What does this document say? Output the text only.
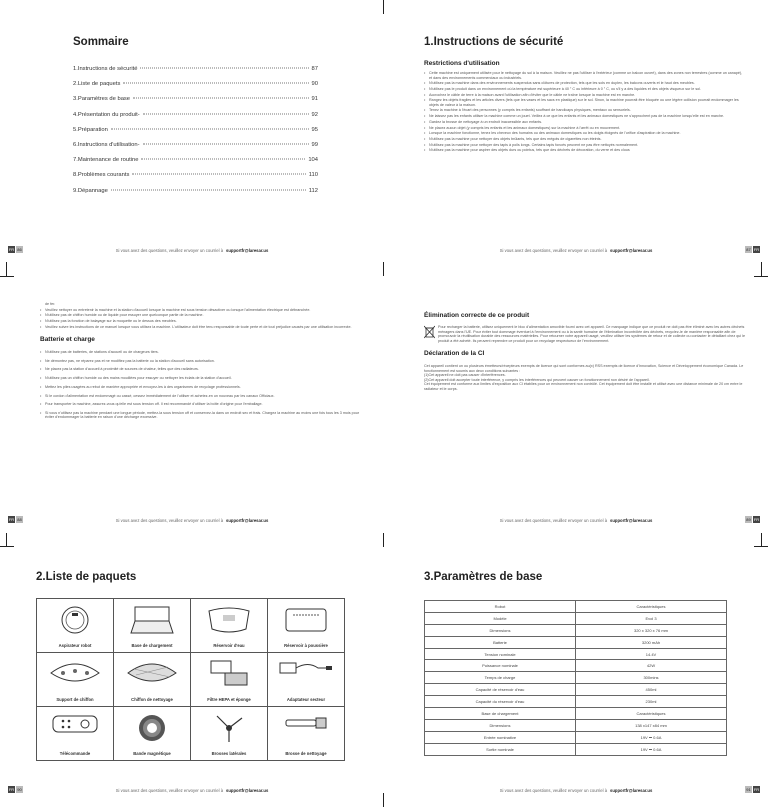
Sommaire
1.Instructions de sécurité	87
2.Liste de paquets	90
3.Paramètres de base	91
4.Présentation du produit-	92
5.Préparation	95
6.Instructions d'utilisation-	99
7.Maintenance de routine	104
8.Problèmes courants	110
9.Dépannage	112
FR 86	Si vous avez des questions, veuillez envoyer un courriel à supportfr@laresar.us
1.Instructions de sécurité
Restrictions d'utilisation
• Cette machine est uniquement utilisée pour le nettoyage du sol à la maison. Veuillez ne pas l'utiliser à l'extérieur (comme un balcon ouvert), dans des zones non terrestres (comme un canapé), et dans des environnements commerciaux ou industriels.
• N'utilisez pas la machine dans des environnements suspendus sans clôtures de protection, tels que les sols en duplex, les balcons ouverts et le haut des meubles.
• N'utilisez pas le produit dans un environnement où la température est supérieure à 40 ° C ou inférieure à 0 ° C, ou s'il y a des liquides et des objets visqueux sur le sol.
• Accrochez le câble de terre à la maison avant l'utilisation afin d'éviter que le câble ne traîne lorsque la machine est en marche.
• Rangez les objets fragiles et les articles divers (tels que les vases et les sacs en plastique) sur le sol. Sinon, la machine pourrait être bloquée ou une légère collision pourrait endommager les objets de valeur à la maison.
• Tenez la machine à l'écart des personnes (y compris les enfants) souffrant de handicaps physiques, mentaux ou sensoriels.
• Ne laissez pas les enfants utiliser la machine comme un jouet. Veillez à ce que les enfants et les animaux domestiques ne s'approchent pas de la machine lorsqu'elle est en marche.
• Gardez la brosse de nettoyage à un endroit inaccessible aux enfants.
• Ne placez aucun objet (y compris les enfants et les animaux domestiques) sur la machine à l'arrêt ou en mouvement.
• Lorsque la machine fonctionne, tenez les cheveux des humains ou des animaux domestiques ou les doigts éloignés de l'orifice d'aspiration de la machine.
• N'utilisez pas la machine pour nettoyer des objets brûlants, tels que des mégots de cigarettes non éteints.
• N'utilisez pas la machine pour nettoyer des tapis à poils longs. Certains tapis foncés peuvent ne pas être nettoyés normalement.
• N'utilisez pas la machine pour aspirer des objets durs ou pointus, tels que des déchets de décoration, du verre et des clous
Si vous avez des questions, veuillez envoyer un courriel à supportfr@laresar.us	87 FR
de fer.
• Veuillez nettoyer ou entretenir la machine et la station d'accueil lorsque la machine est sous tension désactiver ou lorsque l'alimentation électrique est débranchée.
• N'utilisez pas de chiffon humide ou de liquide pour essuyer une quelconque partie de la machine.
• N'utilisez pas la fonction de balayage sur la moquette ou le dessus des meubles.
• Veuillez suivre les instructions de ce manuel lorsque vous utilisez la machine. L'utilisateur doit être tenu responsable de toute perte et de tout préjudice causés par une utilisation incorrecte.
Batterie et charge
• N'utilisez pas de batteries, de stations d'accueil ou de chargeurs tiers.
• Ne démontez pas, ne réparez pas et ne modifiez pas la batterie ou la station d'accueil sans autorisation.
• Ne placez pas la station d'accueil à proximité de sources de chaleur, telles que des radiateurs.
• N'utilisez pas un chiffon humide ou des mains mouillées pour essuyer ou nettoyer les éclats de la station d'accueil.
• Mettez les piles usagées au rebut de manière appropriée et envoyez-les à des organismes de recyclage professionnels.
• Si le cordon d'alimentation est endommagé ou cassé, cessez immédiatement de l'utiliser et achetez-en un nouveau par les canaux Officiaux.
• Pour transporter la machine, assurez-vous qu'elle est sous tension off. Il est recommandé d'utiliser la boîte d'origine pour l'emballage.
• Si vous n'utilisez pas la machine pendant une longue période, mettez-la sous tension off et conservez-la dans un endroit sec et frais. Chargez la machine au moins une fois tous les 3 mois pour éviter d'endommager la batterie en raison d'une décharge excessive.
FR 88	Si vous avez des questions, veuillez envoyer un courriel à supportfr@laresar.us
Élimination correcte de ce produit
Pour recharger la batterie, utilisez uniquement le bloc d'alimentation amovible fourni avec cet appareil. Ce marquage indique que ce produit ne doit pas être éliminé avec les autres déchets ménagers dans l'UE. Pour éviter tout dommage éventuel à l'environnement ou à la santé humaine de l'élimination incontrôlée des déchets, recyclez-le de manière responsable afin de promouvoir la réutilisation durable des ressources matérielles. Pour retourner votre appareil usagé, veuillez utiliser les systèmes de retour et de collecte ou contacter le détaillant chez qui le produit a été acheté. Ils peuvent reprendre ce produit pour un recyclage respectueux de l'environnement.
Déclaration de la CI
Cet appareil contient un ou plusieurs émetteurs/récepteurs exempts de licence qui sont conformes au(x) RSS exempts de licence d'Innovation, Science et Développement économique Canada. Le fonctionnement est soumis aux deux conditions suivantes :
(1)Cet appareil ne doit pas causer d'interférences.
(2)Cet appareil doit accepter toute interférence, y compris les interférences qui peuvent causer un fonctionnement non désiré de l'appareil.
Cet équipement est conforme aux limites d'exposition aux CI établies pour un environnement non contrôlé. Cet équipement doit être installé et utilisé avec une distance minimale de 20 cm entre le radiateur et le corps.
Si vous avez des questions, veuillez envoyer un courriel à supportfr@laresar.us	89 FR
2.Liste de paquets
Aspirateur robot	Base de chargement	Réservoir d'eau	Réservoir à poussière

Support de chiffon	Chiffon de nettoyage	Filtre HEPA et éponge	Adaptateur secteur

Télécommande	Bande magnétique	Brosses latérales	Brosse de nettoyage
FR 90	Si vous avez des questions, veuillez envoyer un courriel à supportfr@laresar.us
3.Paramètres de base
Robot	Caractéristiques
Modèle	Evol 3
Dimensions	320 x 320 x 76 mm
Batterie	3200 mAh
Tension nominale	14.4V
Puissance nominale	42W
Temps de charge	300mins
Capacité de réservoir d'eau	450ml
Capacité du réservoir d'eau	230ml
Base de chargement	Caractéristiques
Dimensions	138 x147 x84 mm
Entrée nominative	19V ⎓ 0.6A
Sortie nominale	19V ⎓ 0.6A
Si vous avez des questions, veuillez envoyer un courriel à supportfr@laresar.us	91 FR
